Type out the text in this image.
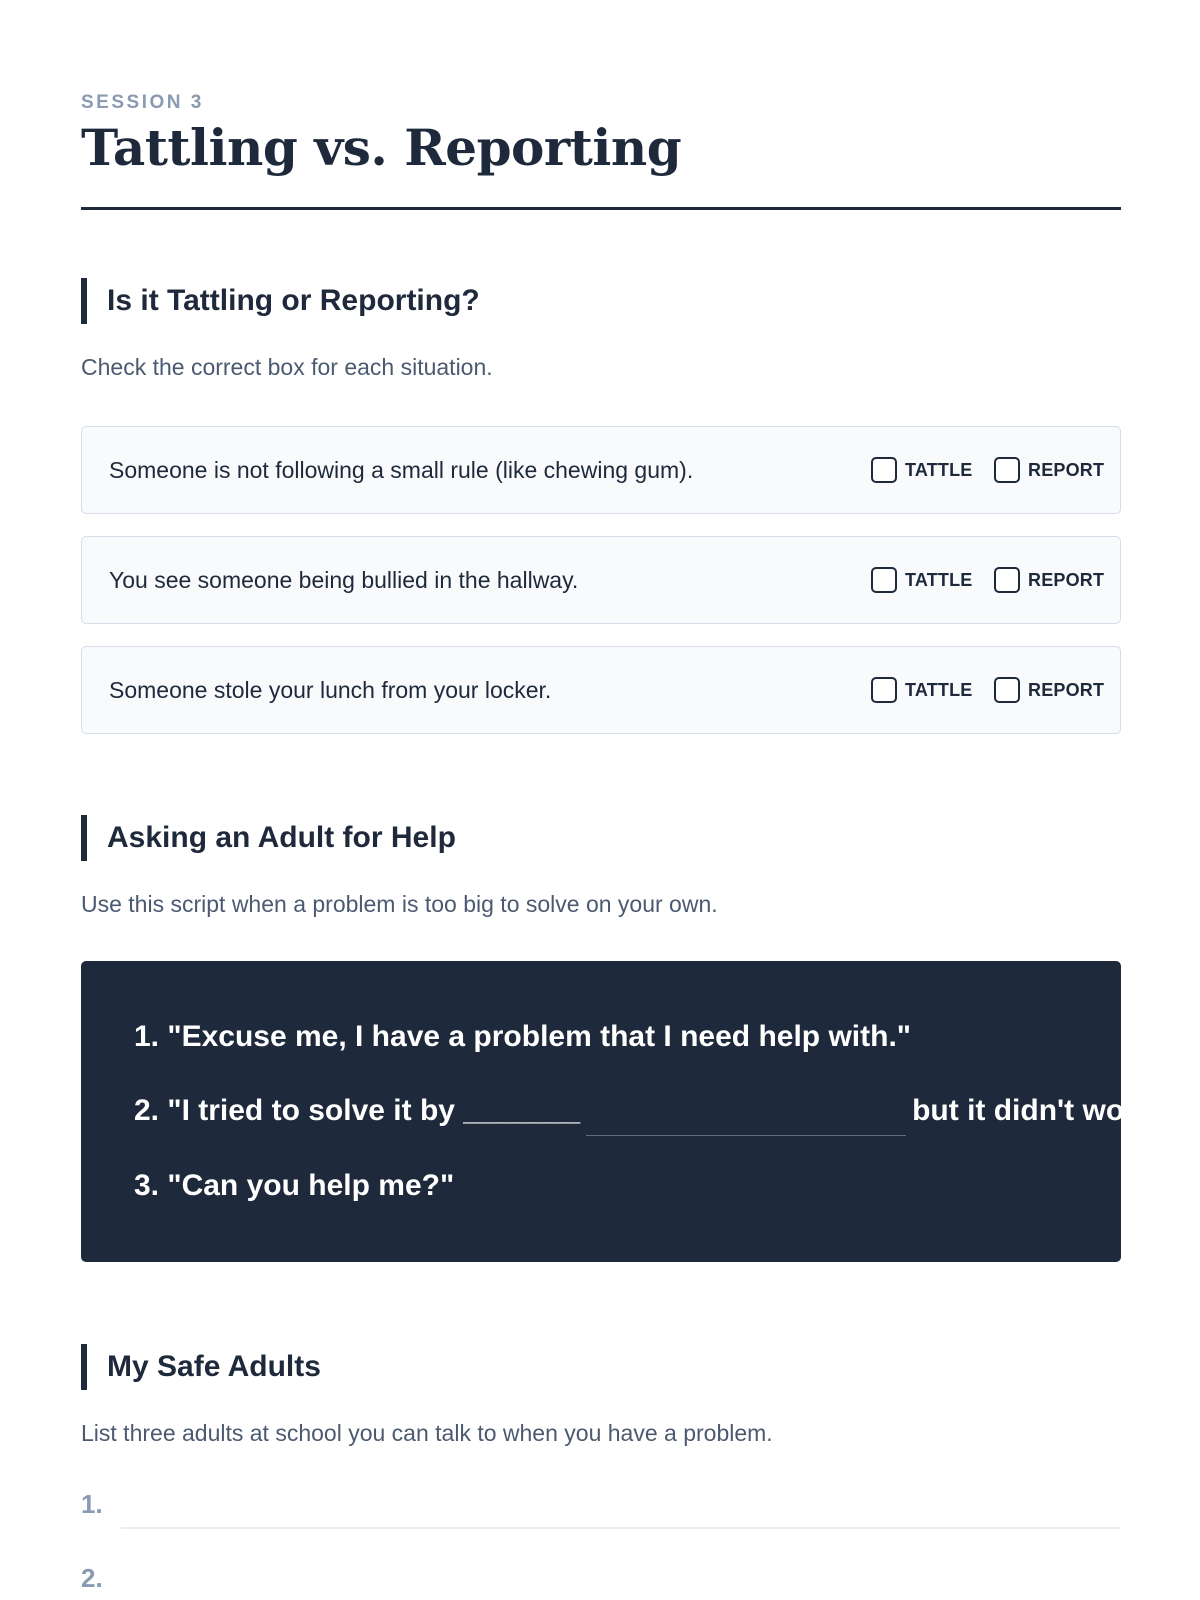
SESSION 3
Tattling vs. Reporting
Is it Tattling or Reporting?
Check the correct box for each situation.
Someone is not following a small rule (like chewing gum).	TATTLE	REPORT
You see someone being bullied in the hallway.	TATTLE	REPORT
Someone stole your lunch from your locker.	TATTLE	REPORT
Asking an Adult for Help
Use this script when a problem is too big to solve on your own.
1. "Excuse me, I have a problem that I need help with."
2. "I tried to solve it by _______	but it didn't work."
3. "Can you help me?"
My Safe Adults
List three adults at school you can talk to when you have a problem.
1.
2.
